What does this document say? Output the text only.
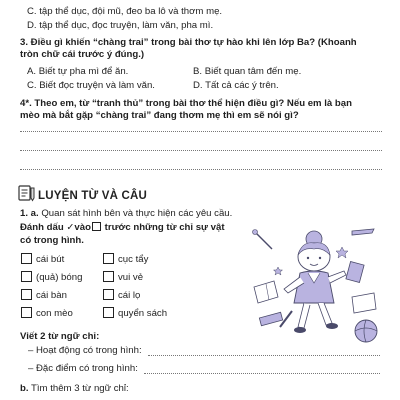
C. tập thể dục, đội mũ, đeo ba lô và thơm mẹ.
D. tập thể dục, đọc truyện, làm văn, pha mì.
3. Điều gì khiến “chàng trai” trong bài thơ tự hào khi lên lớp Ba? (Khoanh
tròn chữ cái trước ý đúng.)
A. Biết tự pha mì để ăn.	B. Biết quan tâm đến mẹ.
C. Biết đọc truyện và làm văn.	D. Tất cả các ý trên.
4*. Theo em, từ “tranh thủ” trong bài thơ thể hiện điều gì? Nếu em là bạn
mèo mà bắt gặp “chàng trai” đang thơm mẹ thì em sẽ nói gì?
LUYỆN TỪ VÀ CÂU
1. a. Quan sát hình bên và thực hiện các yêu cầu.
Đánh dấu ✓vào trước những từ chỉ sự vật
có trong hình.
cái bút	cục tẩy
(quả) bóng	vui vẻ
cái bàn	cái lọ
con mèo	quyển sách
Viết 2 từ ngữ chỉ:
– Hoạt động có trong hình:
– Đặc điểm có trong hình:
b. Tìm thêm 3 từ ngữ chỉ:
